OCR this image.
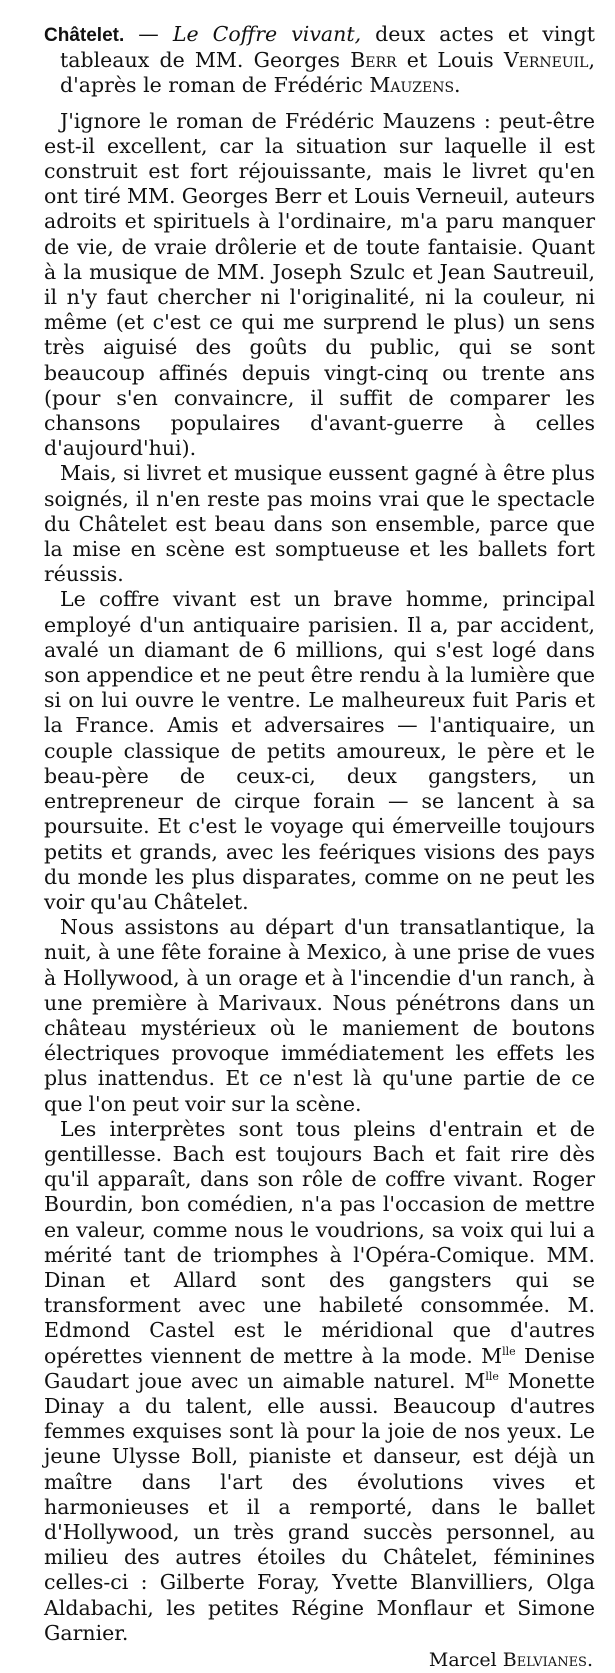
Châtelet. — Le Coffre vivant, deux actes et vingt tableaux de MM. Georges Berr et Louis Verneuil, d'après le roman de Frédéric Mauzens.

J'ignore le roman de Frédéric Mauzens : peut-être est-il excellent, car la situation sur laquelle il est construit est fort réjouissante, mais le livret qu'en ont tiré MM. Georges Berr et Louis Verneuil, auteurs adroits et spirituels à l'ordinaire, m'a paru manquer de vie, de vraie drôlerie et de toute fantaisie. Quant à la musique de MM. Joseph Szulc et Jean Sautreuil, il n'y faut chercher ni l'originalité, ni la couleur, ni même (et c'est ce qui me surprend le plus) un sens très aiguisé des goûts du public, qui se sont beaucoup affinés depuis vingt-cinq ou trente ans (pour s'en convaincre, il suffit de comparer les chansons populaires d'avant-guerre à celles d'aujourd'hui).

Mais, si livret et musique eussent gagné à être plus soignés, il n'en reste pas moins vrai que le spectacle du Châtelet est beau dans son ensemble, parce que la mise en scène est somptueuse et les ballets fort réussis.

Le coffre vivant est un brave homme, principal employé d'un antiquaire parisien. Il a, par accident, avalé un diamant de 6 millions, qui s'est logé dans son appendice et ne peut être rendu à la lumière que si on lui ouvre le ventre. Le malheureux fuit Paris et la France. Amis et adversaires — l'antiquaire, un couple classique de petits amoureux, le père et le beau-père de ceux-ci, deux gangsters, un entrepreneur de cirque forain — se lancent à sa poursuite. Et c'est le voyage qui émerveille toujours petits et grands, avec les feériques visions des pays du monde les plus disparates, comme on ne peut les voir qu'au Châtelet.

Nous assistons au départ d'un transatlantique, la nuit, à une fête foraine à Mexico, à une prise de vues à Hollywood, à un orage et à l'incendie d'un ranch, à une première à Marivaux. Nous pénétrons dans un château mystérieux où le maniement de boutons électriques provoque immédiatement les effets les plus inattendus. Et ce n'est là qu'une partie de ce que l'on peut voir sur la scène.

Les interprètes sont tous pleins d'entrain et de gentillesse. Bach est toujours Bach et fait rire dès qu'il apparaît, dans son rôle de coffre vivant. Roger Bourdin, bon comédien, n'a pas l'occasion de mettre en valeur, comme nous le voudrions, sa voix qui lui a mérité tant de triomphes à l'Opéra-Comique. MM. Dinan et Allard sont des gangsters qui se transforment avec une habileté consommée. M. Edmond Castel est le méridional que d'autres opérettes viennent de mettre à la mode. $M^{lle}$ Denise Gaudart joue avec un aimable naturel. $M^{lle}$ Monette Dinay a du talent, elle aussi. Beaucoup d'autres femmes exquises sont là pour la joie de nos yeux. Le jeune Ulysse Boll, pianiste et danseur, est déjà un maître dans l'art des évolutions vives et harmonieuses et il a remporté, dans le ballet d'Hollywood, un très grand succès personnel, au milieu des autres étoiles du Châtelet, féminines celles-ci : Gilberte Foray, Yvette Blanvilliers, Olga Aldabachi, les petites Régine Monflaur et Simone Garnier.

Marcel Belvianes.
